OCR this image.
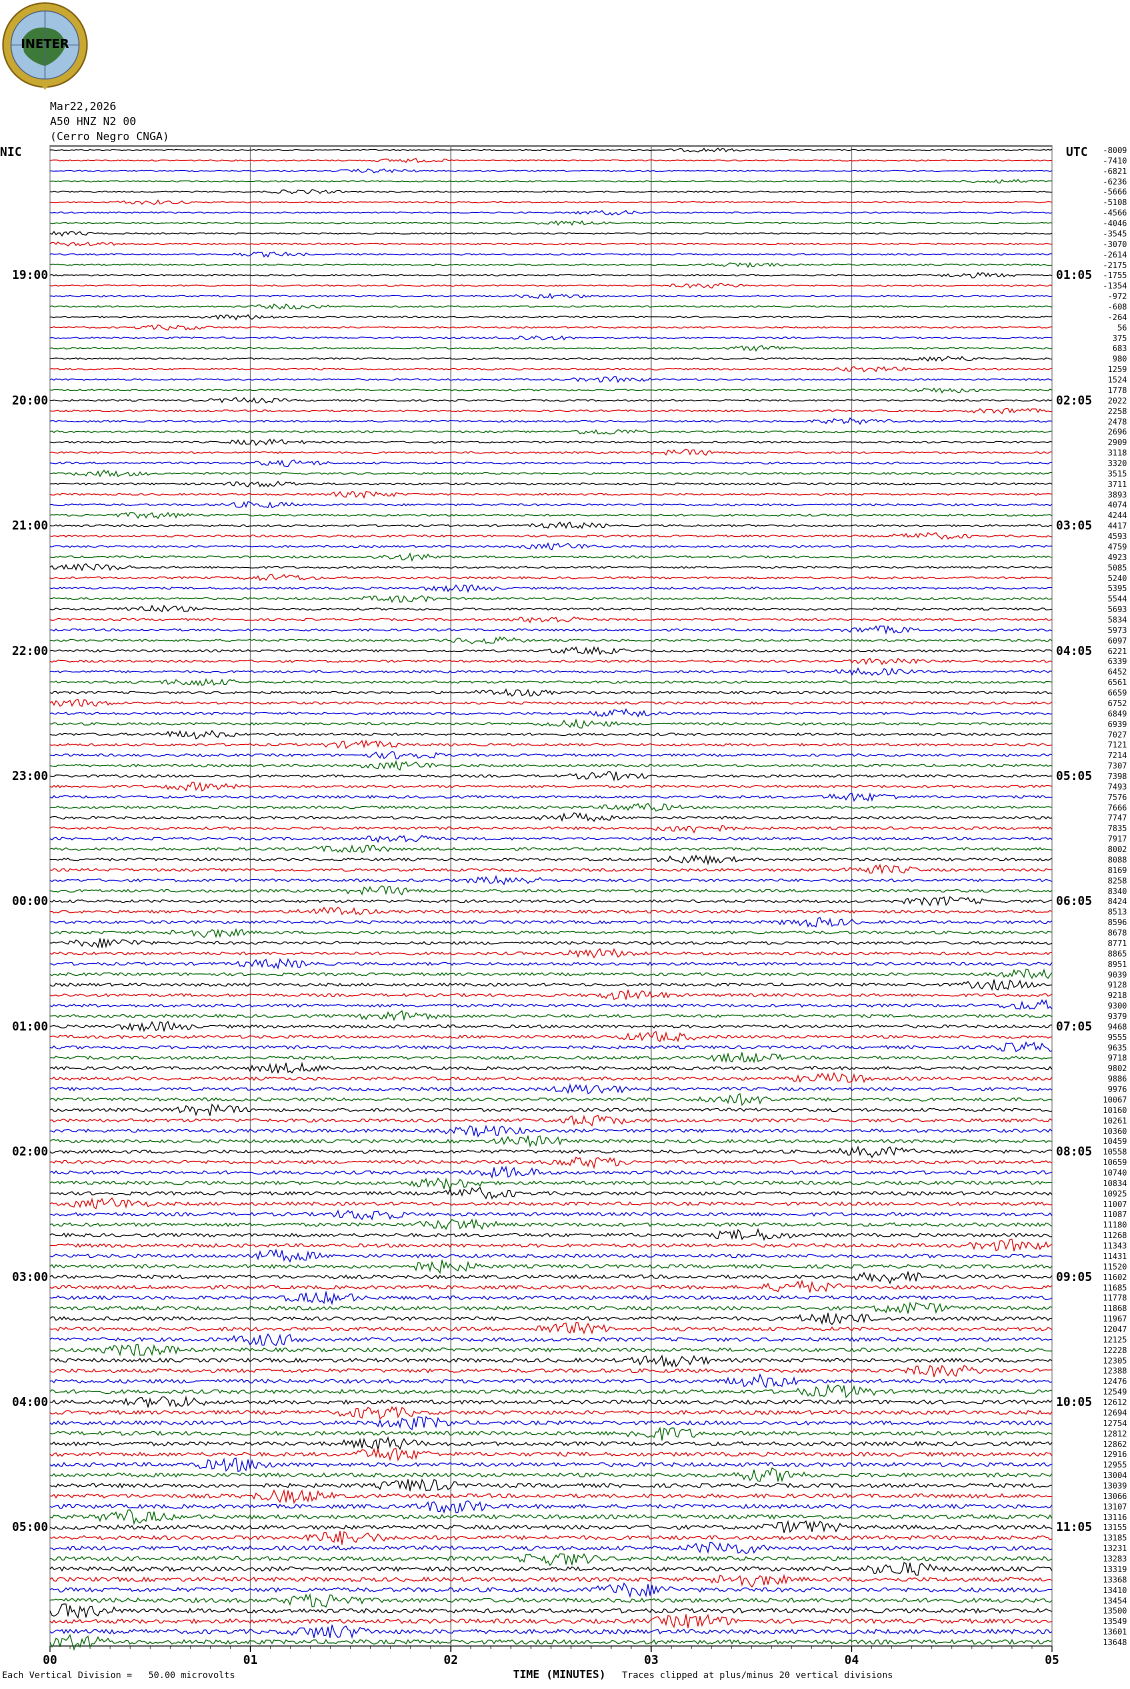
INETER
Mar22,2026
A50 HNZ N2 00
(Cerro Negro CNGA)
NIC	UTC
00	01	02	03	04	05
-8009
-7410
-6821
-6236
-5666
-5108
-4566
-4046
-3545
-3070
-2614
-2175
-1755
-1354
-972
-608
-264
56
375
683
980
1259
1524
1778
2022
2258
2478
2696
2909
3118
3320
3515
3711
3893
4074
4244
4417
4593
4759
4923
5085
5240
5395
5544
5693
5834
5973
6097
6221
6339
6452
6561
6659
6752
6849
6939
7027
7121
7214
7307
7398
7493
7576
7666
7747
7835
7917
8002
8088
8169
8258
8340
8424
8513
8596
8678
8771
8865
8951
9039
9128
9218
9300
9379
9468
9555
9635
9718
9802
9886
9976
10067
10160
10261
10360
10459
10558
10659
10740
10834
10925
11007
11087
11180
11268
11343
11431
11520
11602
11685
11778
11868
11967
12047
12125
12228
12305
12388
12476
12549
12612
12694
12754
12812
12862
12916
12955
13004
13039
13066
13107
13116
13155
13185
13231
13283
13319
13368
13410
13454
13500
13549
13601
13648
19:00
20:00
21:00
22:00
23:00
00:00
01:00
02:00
03:00
04:00
05:00
01:05
02:05
03:05
04:05
05:05
06:05
07:05
08:05
09:05
10:05
11:05
Each Vertical Division = 50.00 microvolts	TIME (MINUTES) Traces clipped at plus/minus 20 vertical divisions
